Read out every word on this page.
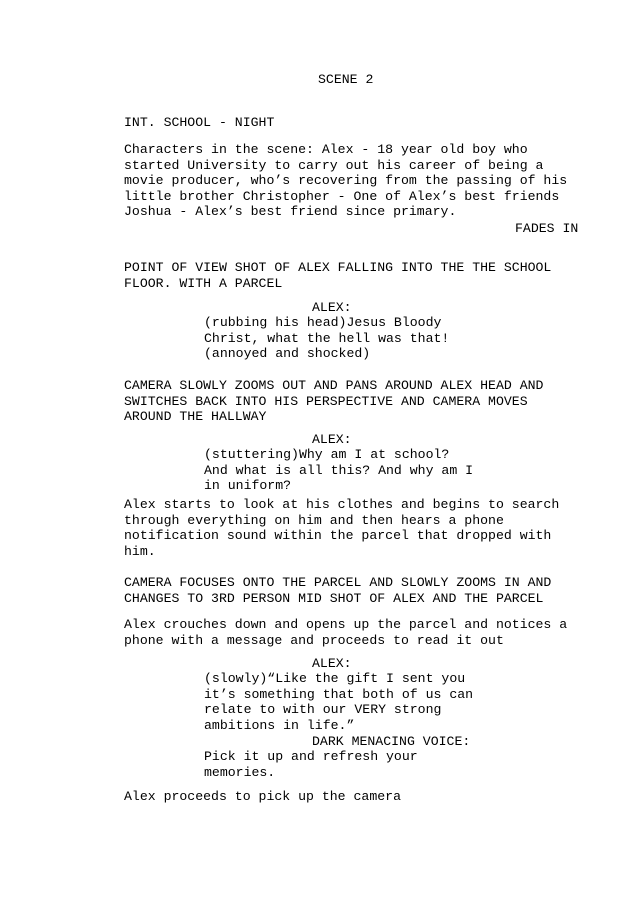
SCENE 2
INT. SCHOOL - NIGHT
Characters in the scene: Alex - 18 year old boy who
started University to carry out his career of being a
movie producer, who’s recovering from the passing of his
little brother Christopher - One of Alex’s best friends
Joshua - Alex’s best friend since primary.
FADES IN
POINT OF VIEW SHOT OF ALEX FALLING INTO THE THE SCHOOL
FLOOR. WITH A PARCEL
ALEX:
(rubbing his head)Jesus Bloody
Christ, what the hell was that!
(annoyed and shocked)
CAMERA SLOWLY ZOOMS OUT AND PANS AROUND ALEX HEAD AND
SWITCHES BACK INTO HIS PERSPECTIVE AND CAMERA MOVES
AROUND THE HALLWAY
ALEX:
(stuttering)Why am I at school?
And what is all this? And why am I
in uniform?
Alex starts to look at his clothes and begins to search
through everything on him and then hears a phone
notification sound within the parcel that dropped with
him.
CAMERA FOCUSES ONTO THE PARCEL AND SLOWLY ZOOMS IN AND
CHANGES TO 3RD PERSON MID SHOT OF ALEX AND THE PARCEL
Alex crouches down and opens up the parcel and notices a
phone with a message and proceeds to read it out
ALEX:
(slowly)“Like the gift I sent you
it’s something that both of us can
relate to with our VERY strong
ambitions in life.”
DARK MENACING VOICE:
Pick it up and refresh your
memories.
Alex proceeds to pick up the camera
